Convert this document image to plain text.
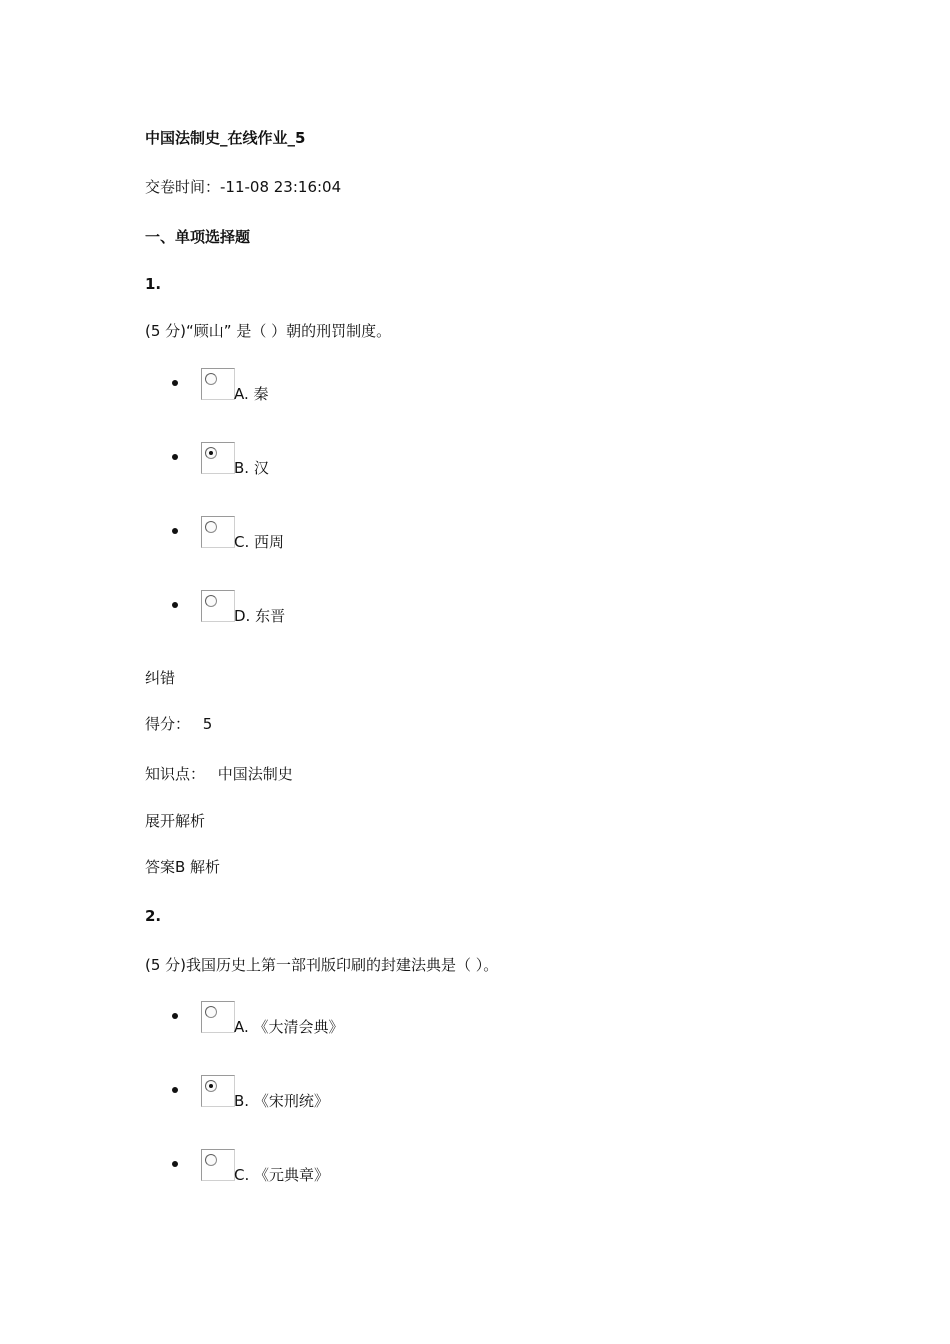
中国法制史_在线作业_5
交卷时间：-11-08 23:16:04
一、单项选择题
1.
(5 分)“顾山” 是（ ）朝的刑罚制度。
A. 秦
B. 汉
C. 西周
D. 东晋
纠错
得分： 5
知识点： 中国法制史
展开解析
答案B 解析
2.
(5 分)我国历史上第一部刊版印刷的封建法典是（ ）。
A. 《大清会典》
B. 《宋刑统》
C. 《元典章》
